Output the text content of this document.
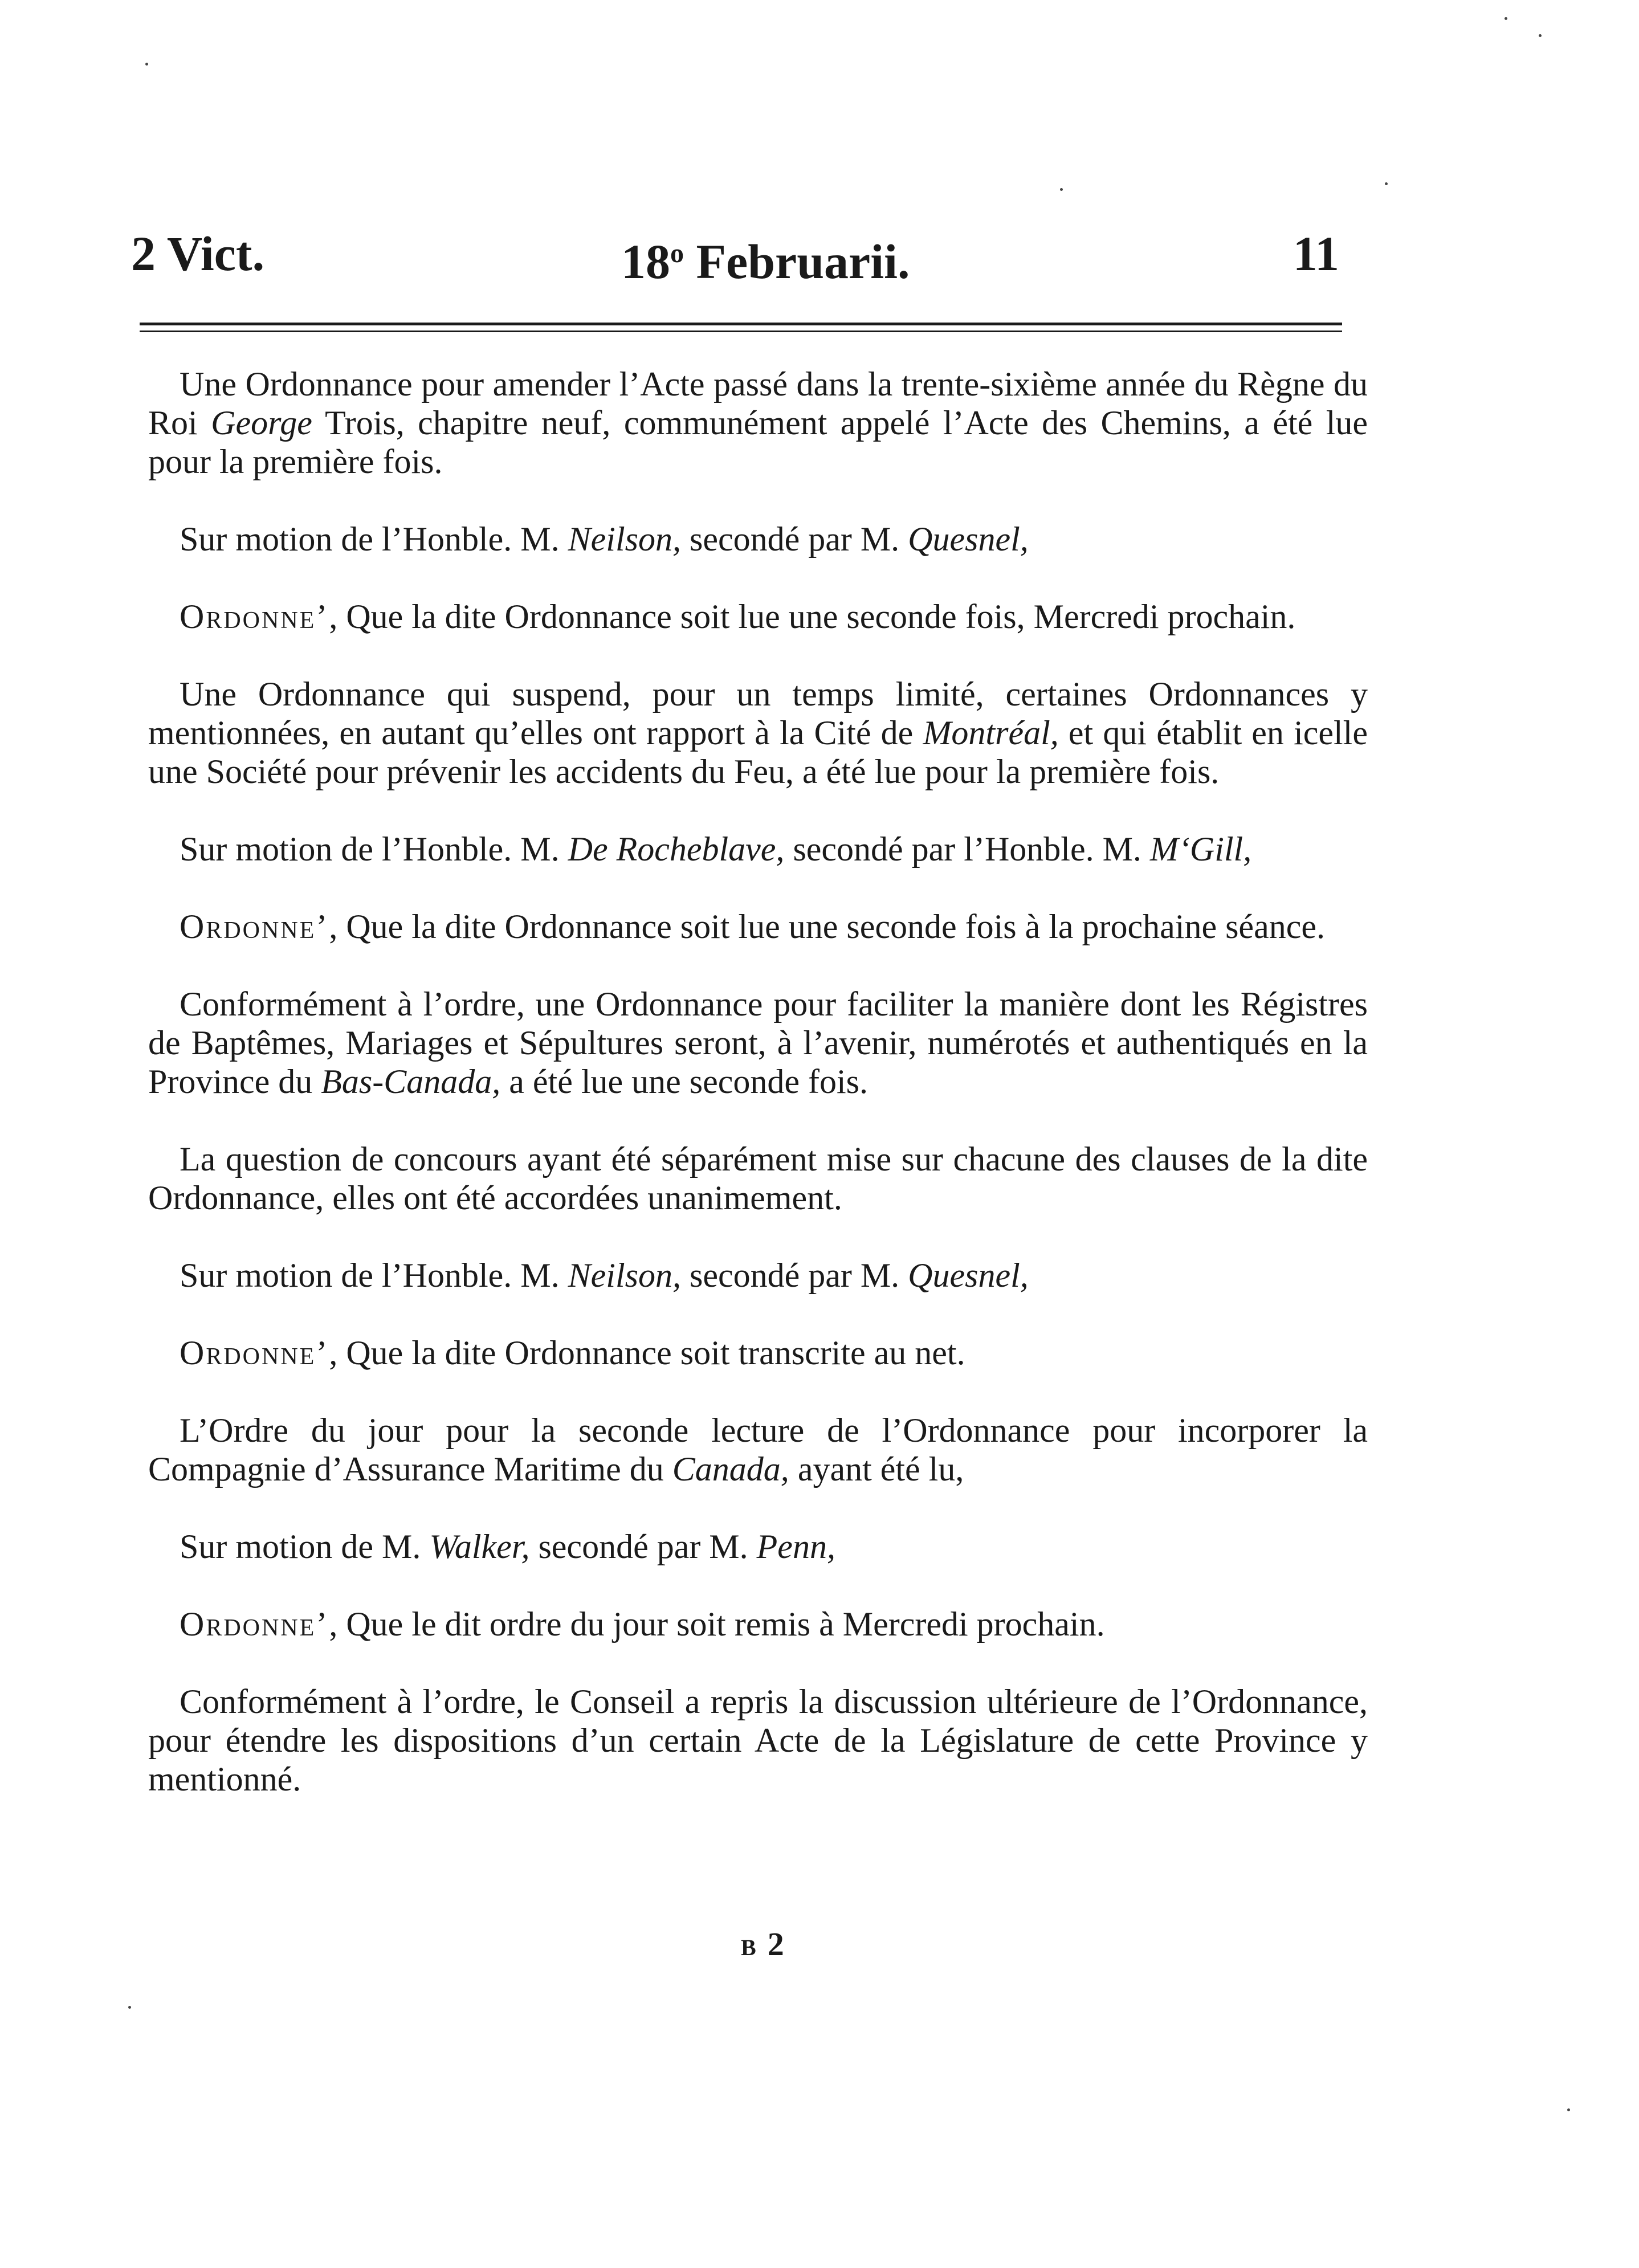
2 Vict.	18$^o$ Februarii.	11

Une Ordonnance pour amender l’Acte passé dans la trente-sixième année du Règne du Roi George Trois, chapitre neuf, communément appelé l’Acte des Chemins, a été lue pour la première fois.

Sur motion de l’Honble. M. Neilson, secondé par M. Quesnel,

Ordonne’, Que la dite Ordonnance soit lue une seconde fois, Mercredi prochain.

Une Ordonnance qui suspend, pour un temps limité, certaines Ordonnances y mentionnées, en autant qu’elles ont rapport à la Cité de Montréal, et qui établit en icelle une Société pour prévenir les accidents du Feu, a été lue pour la première fois.

Sur motion de l’Honble. M. De Rocheblave, secondé par l’Honble. M. M‘Gill,

Ordonne’, Que la dite Ordonnance soit lue une seconde fois à la prochaine séance.

Conformément à l’ordre, une Ordonnance pour faciliter la manière dont les Régistres de Baptêmes, Mariages et Sépultures seront, à l’avenir, numérotés et authentiqués en la Province du Bas-Canada, a été lue une seconde fois.

La question de concours ayant été séparément mise sur chacune des clauses de la dite Ordonnance, elles ont été accordées unanimement.

Sur motion de l’Honble. M. Neilson, secondé par M. Quesnel,

Ordonne’, Que la dite Ordonnance soit transcrite au net.

L’Ordre du jour pour la seconde lecture de l’Ordonnance pour incorporer la Compagnie d’Assurance Maritime du Canada, ayant été lu,

Sur motion de M. Walker, secondé par M. Penn,

Ordonne’, Que le dit ordre du jour soit remis à Mercredi prochain.

Conformément à l’ordre, le Conseil a repris la discussion ultérieure de l’Ordonnance, pour étendre les dispositions d’un certain Acte de la Législature de cette Province y mentionné.

B 2
